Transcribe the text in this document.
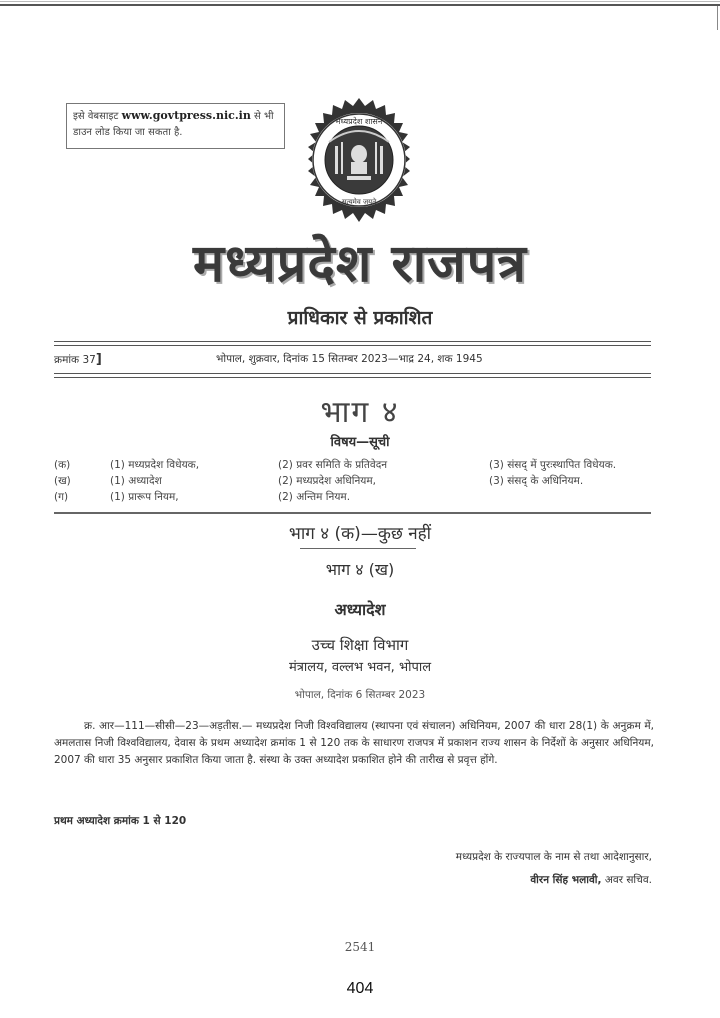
इसे वेबसाइट www.govtpress.nic.in से भी डाउन लोड किया जा सकता है.
मध्यप्रदेश शासन
सत्यमेव जयते
मध्यप्रदेश राजपत्र
प्राधिकार से प्रकाशित
क्रमांक 37]	भोपाल, शुक्रवार, दिनांक 15 सितम्बर 2023—भाद्र 24, शक 1945
भाग ४
विषय—सूची
(क)	(1) मध्यप्रदेश विधेयक,	(2) प्रवर समिति के प्रतिवेदन	(3) संसद् में पुरःस्थापित विधेयक.
(ख)	(1) अध्यादेश	(2) मध्यप्रदेश अधिनियम,	(3) संसद् के अधिनियम.
(ग)	(1) प्रारूप नियम,	(2) अन्तिम नियम.
भाग ४ (क)—कुछ नहीं
भाग ४ (ख)
अध्यादेश
उच्च शिक्षा विभाग
मंत्रालय, वल्लभ भवन, भोपाल
भोपाल, दिनांक 6 सितम्बर 2023
क्र. आर—111—सीसी—23—अड़तीस.— मध्यप्रदेश निजी विश्वविद्यालय (स्थापना एवं संचालन) अधिनियम, 2007 की धारा 28(1) के अनुक्रम में, अमलतास निजी विश्वविद्यालय, देवास के प्रथम अध्यादेश क्रमांक 1 से 120 तक के साधारण राजपत्र में प्रकाशन राज्य शासन के निर्देशों के अनुसार अधिनियम, 2007 की धारा 35 अनुसार प्रकाशित किया जाता है. संस्था के उक्त अध्यादेश प्रकाशित होने की तारीख से प्रवृत्त होंगे.
प्रथम अध्यादेश क्रमांक 1 से 120
मध्यप्रदेश के राज्यपाल के नाम से तथा आदेशानुसार,
वीरन सिंह भलावी, अवर सचिव.
2541
404
